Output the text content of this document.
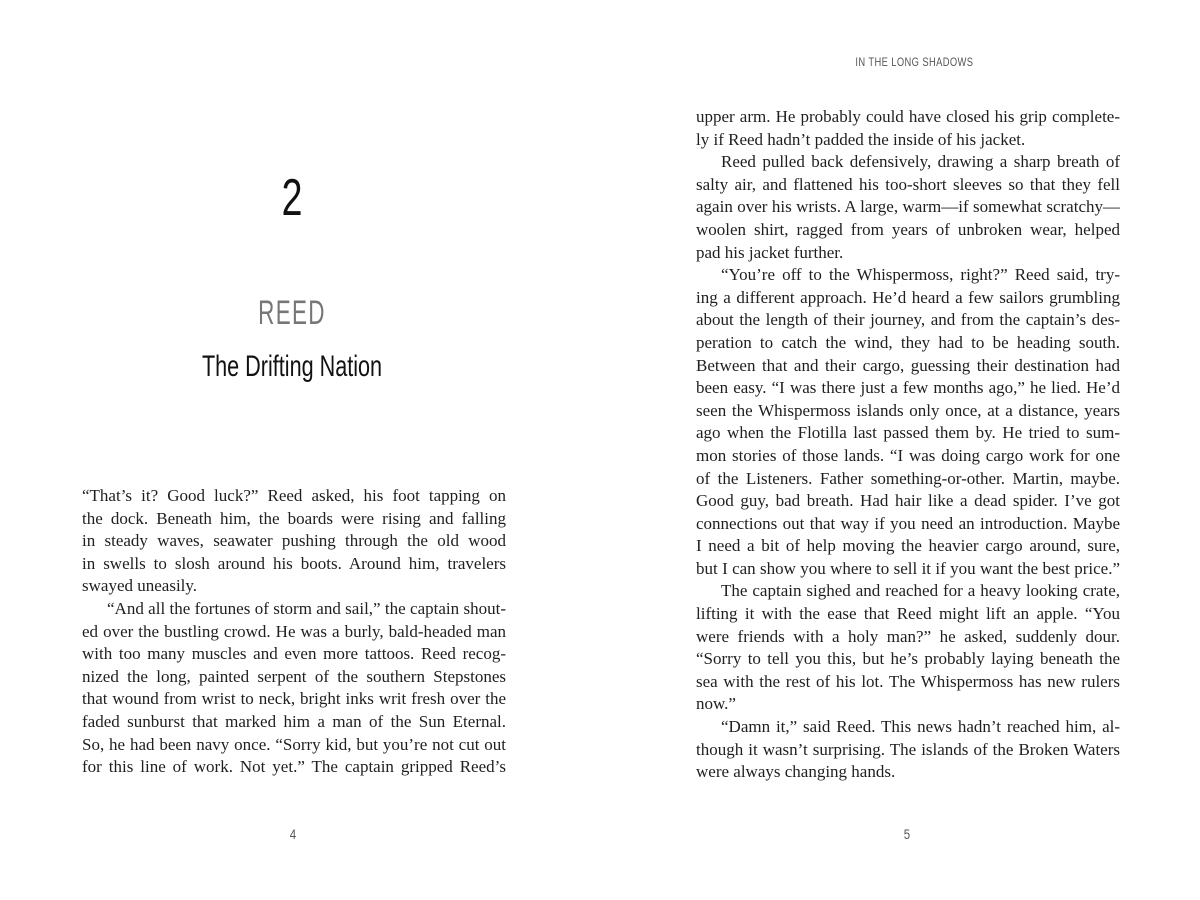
2
REED
The Drifting Nation
“That’s it? Good luck?” Reed asked, his foot tapping on
the dock. Beneath him, the boards were rising and falling
in steady waves, seawater pushing through the old wood
in swells to slosh around his boots. Around him, travelers
swayed uneasily.
“And all the fortunes of storm and sail,” the captain shout-
ed over the bustling crowd. He was a burly, bald-headed man
with too many muscles and even more tattoos. Reed recog-
nized the long, painted serpent of the southern Stepstones
that wound from wrist to neck, bright inks writ fresh over the
faded sunburst that marked him a man of the Sun Eternal.
So, he had been navy once. “Sorry kid, but you’re not cut out
for this line of work. Not yet.” The captain gripped Reed’s
4
IN THE LONG SHADOWS
upper arm. He probably could have closed his grip complete-
ly if Reed hadn’t padded the inside of his jacket.
Reed pulled back defensively, drawing a sharp breath of
salty air, and flattened his too-short sleeves so that they fell
again over his wrists. A large, warm—if somewhat scratchy—
woolen shirt, ragged from years of unbroken wear, helped
pad his jacket further.
“You’re off to the Whispermoss, right?” Reed said, try-
ing a different approach. He’d heard a few sailors grumbling
about the length of their journey, and from the captain’s des-
peration to catch the wind, they had to be heading south.
Between that and their cargo, guessing their destination had
been easy. “I was there just a few months ago,” he lied. He’d
seen the Whispermoss islands only once, at a distance, years
ago when the Flotilla last passed them by. He tried to sum-
mon stories of those lands. “I was doing cargo work for one
of the Listeners. Father something-or-other. Martin, maybe.
Good guy, bad breath. Had hair like a dead spider. I’ve got
connections out that way if you need an introduction. Maybe
I need a bit of help moving the heavier cargo around, sure,
but I can show you where to sell it if you want the best price.”
The captain sighed and reached for a heavy looking crate,
lifting it with the ease that Reed might lift an apple. “You
were friends with a holy man?” he asked, suddenly dour.
“Sorry to tell you this, but he’s probably laying beneath the
sea with the rest of his lot. The Whispermoss has new rulers
now.”
“Damn it,” said Reed. This news hadn’t reached him, al-
though it wasn’t surprising. The islands of the Broken Waters
were always changing hands.
5
